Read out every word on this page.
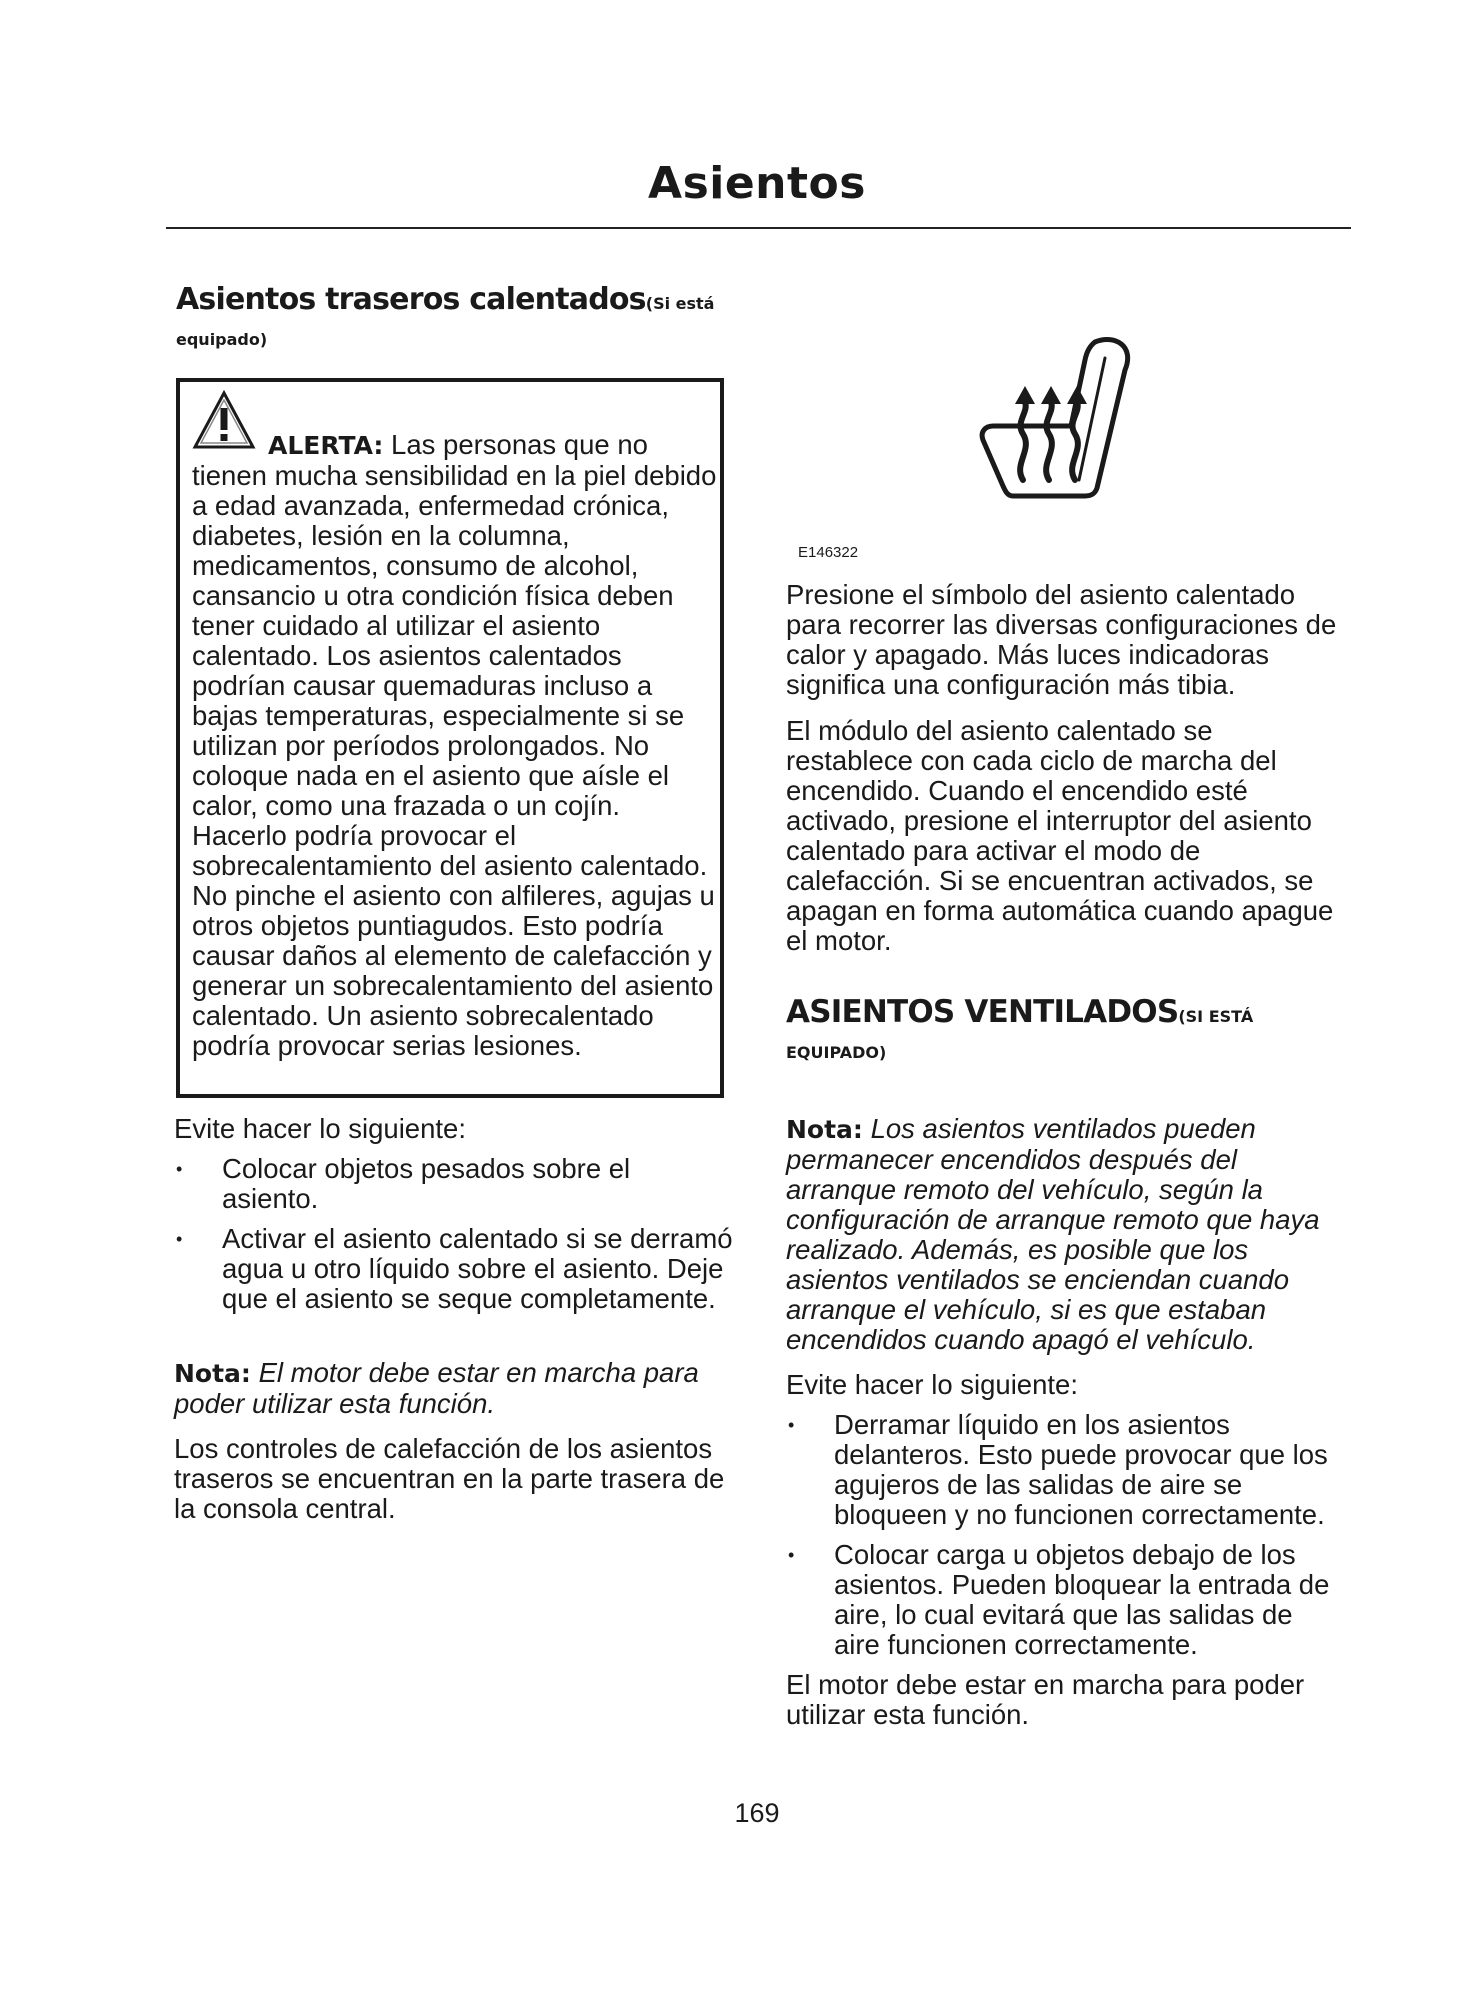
Asientos
Asientos traseros calentados(Si está
equipado)
ALERTA: Las personas que no tienen mucha sensibilidad en la piel debido a edad avanzada, enfermedad crónica, diabetes, lesión en la columna, medicamentos, consumo de alcohol, cansancio u otra condición física deben tener cuidado al utilizar el asiento calentado. Los asientos calentados podrían causar quemaduras incluso a bajas temperaturas, especialmente si se utilizan por períodos prolongados. No coloque nada en el asiento que aísle el calor, como una frazada o un cojín. Hacerlo podría provocar el sobrecalentamiento del asiento calentado. No pinche el asiento con alfileres, agujas u otros objetos puntiagudos. Esto podría causar daños al elemento de calefacción y generar un sobrecalentamiento del asiento calentado. Un asiento sobrecalentado podría provocar serias lesiones.

Evite hacer lo siguiente:

• Colocar objetos pesados sobre el asiento.
• Activar el asiento calentado si se derramó agua u otro líquido sobre el asiento. Deje que el asiento se seque completamente.

Nota: El motor debe estar en marcha para poder utilizar esta función.

Los controles de calefacción de los asientos traseros se encuentran en la parte trasera de la consola central.

E146322

Presione el símbolo del asiento calentado para recorrer las diversas configuraciones de calor y apagado. Más luces indicadoras significa una configuración más tibia.

El módulo del asiento calentado se restablece con cada ciclo de marcha del encendido. Cuando el encendido esté activado, presione el interruptor del asiento calentado para activar el modo de calefacción. Si se encuentran activados, se apagan en forma automática cuando apague el motor.

ASIENTOS VENTILADOS(SI ESTÁ
EQUIPADO)

Nota: Los asientos ventilados pueden permanecer encendidos después del arranque remoto del vehículo, según la configuración de arranque remoto que haya realizado. Además, es posible que los asientos ventilados se enciendan cuando arranque el vehículo, si es que estaban encendidos cuando apagó el vehículo.

Evite hacer lo siguiente:

• Derramar líquido en los asientos delanteros. Esto puede provocar que los agujeros de las salidas de aire se bloqueen y no funcionen correctamente.
• Colocar carga u objetos debajo de los asientos. Pueden bloquear la entrada de aire, lo cual evitará que las salidas de aire funcionen correctamente.

El motor debe estar en marcha para poder utilizar esta función.

169
